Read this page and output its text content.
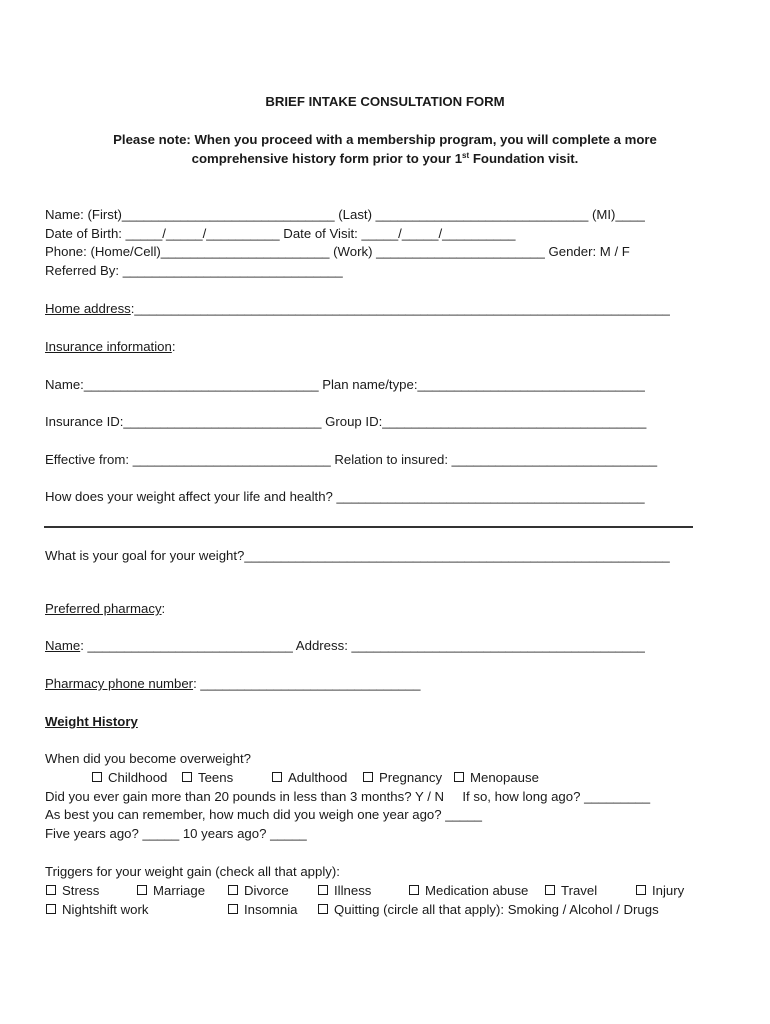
BRIEF INTAKE CONSULTATION FORM
Please note: When you proceed with a membership program, you will complete a more
comprehensive history form prior to your 1st Foundation visit.
Name: (First)_____________________________ (Last) _____________________________ (MI)____
Date of Birth: _____/_____/__________ Date of Visit: _____/_____/__________
Phone: (Home/Cell)_______________________ (Work) _______________________ Gender: M / F
Referred By: ______________________________
Home address:_________________________________________________________________________
Insurance information:
Name:________________________________ Plan name/type:_______________________________
Insurance ID:___________________________ Group ID:____________________________________
Effective from: ___________________________ Relation to insured: ____________________________
How does your weight affect your life and health? __________________________________________
What is your goal for your weight?__________________________________________________________
Preferred pharmacy:
Name: ____________________________ Address: ________________________________________
Pharmacy phone number: ______________________________
Weight History
When did you become overweight?
Childhood	Teens	Adulthood	Pregnancy	Menopause
Did you ever gain more than 20 pounds in less than 3 months? Y / N     If so, how long ago? _________
As best you can remember, how much did you weigh one year ago? _____
Five years ago? _____ 10 years ago? _____
Triggers for your weight gain (check all that apply):
Stress	Marriage	Divorce	Illness	Medication abuse	Travel	Injury
Nightshift work	Insomnia	Quitting (circle all that apply): Smoking / Alcohol / Drugs
